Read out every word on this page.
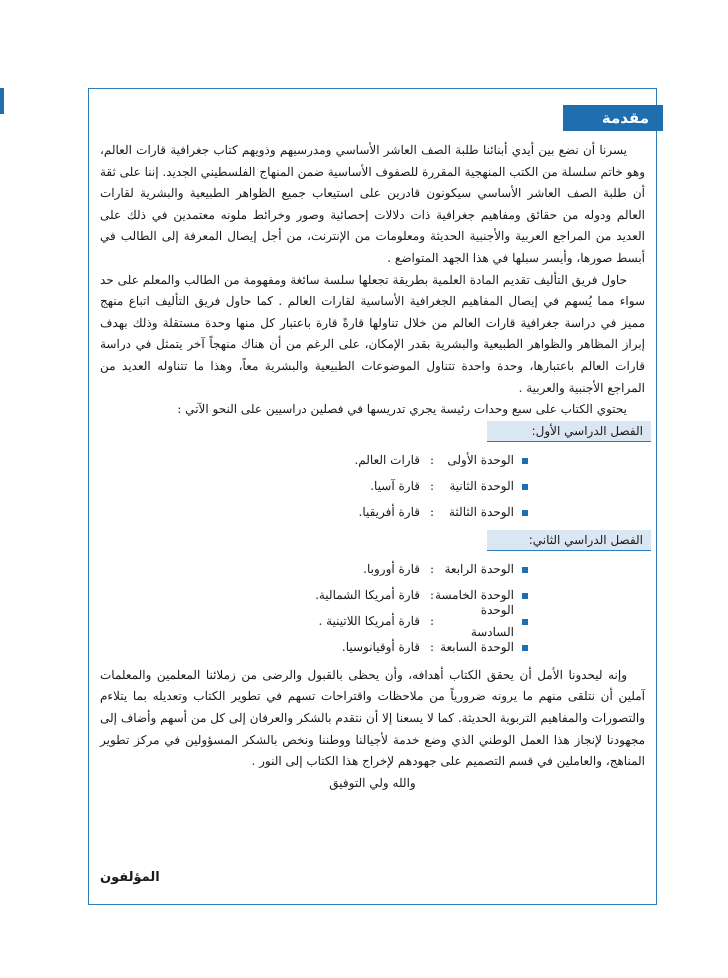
مقدمة

يسرنا أن نضع بين أيدي أبنائنا طلبة الصف العاشر الأساسي ومدرسيهم وذويهم كتاب جغرافية قارات العالم، وهو خاتم سلسلة من الكتب المنهجية المقررة للصفوف الأساسية ضمن المنهاج الفلسطيني الجديد. إننا على ثقة أن طلبة الصف العاشر الأساسي سيكونون قادرين على استيعاب جميع الظواهر الطبيعية والبشرية لقارات العالم ودوله من حقائق ومفاهيم جغرافية ذات دلالات إحصائية وصور وخرائط ملونه معتمدين في ذلك على العديد من المراجع العربية والأجنبية الحديثة ومعلومات من الإنترنت، من أجل إيصال المعرفة إلى الطالب في أبسط صورها، وأيسر سبلها في هذا الجهد المتواضع .

حاول فريق التأليف تقديم المادة العلمية بطريقة تجعلها سلسة سائغة ومفهومة من الطالب والمعلم على حد سواء مما يُسهم في إيصال المفاهيم الجغرافية الأساسية لقارات العالم . كما حاول فريق التأليف اتباع منهج مميز في دراسة جغرافية قارات العالم من خلال تناولها قارةً قارة باعتبار كل منها وحدة مستقلة وذلك بهدف إبراز المظاهر والظواهر الطبيعية والبشرية بقدر الإمكان، على الرغم من أن هناك منهجاً آخر يتمثل في دراسة قارات العالم باعتبارها، وحدة واحدة تتناول الموضوعات الطبيعية والبشرية معاً، وهذا ما تتناوله العديد من المراجع الأجنبية والعربية .

يحتوي الكتاب على سبع وحدات رئيسة يجري تدريسها في فصلين دراسيين على النحو الآتي :

الفصل الدراسي الأول:
الوحدة الأولى
:
قارات العالم.
الوحدة الثانية
:
قارة آسيا.
الوحدة الثالثة
:
قارة أفريقيا.
الفصل الدراسي الثاني:
الوحدة الرابعة
:
قارة أوروبا.
الوحدة الخامسة
:
قارة أمريكا الشمالية.
الوحدة السادسة
:
قارة أمريكا اللاتينية .
الوحدة السابعة
:
قارة أوقيانوسيا.

وإنه ليحدونا الأمل أن يحقق الكتاب أهدافه، وأن يحظى بالقبول والرضى من زملائنا المعلمين والمعلمات آملين أن نتلقى منهم ما يرونه ضرورياً من ملاحظات واقتراحات تسهم في تطوير الكتاب وتعديله بما يتلاءم والتصورات والمفاهيم التربوية الحديثة. كما لا يسعنا إلا أن نتقدم بالشكر والعرفان إلى كل من أسهم وأضاف إلى مجهودنا لإنجاز هذا العمل الوطني الذي وضع خدمة لأجيالنا ووطننا ونخص بالشكر المسؤولين في مركز تطوير المناهج، والعاملين في قسم التصميم على جهودهم لإخراج هذا الكتاب إلى النور .

والله ولي التوفيق

المؤلفون
